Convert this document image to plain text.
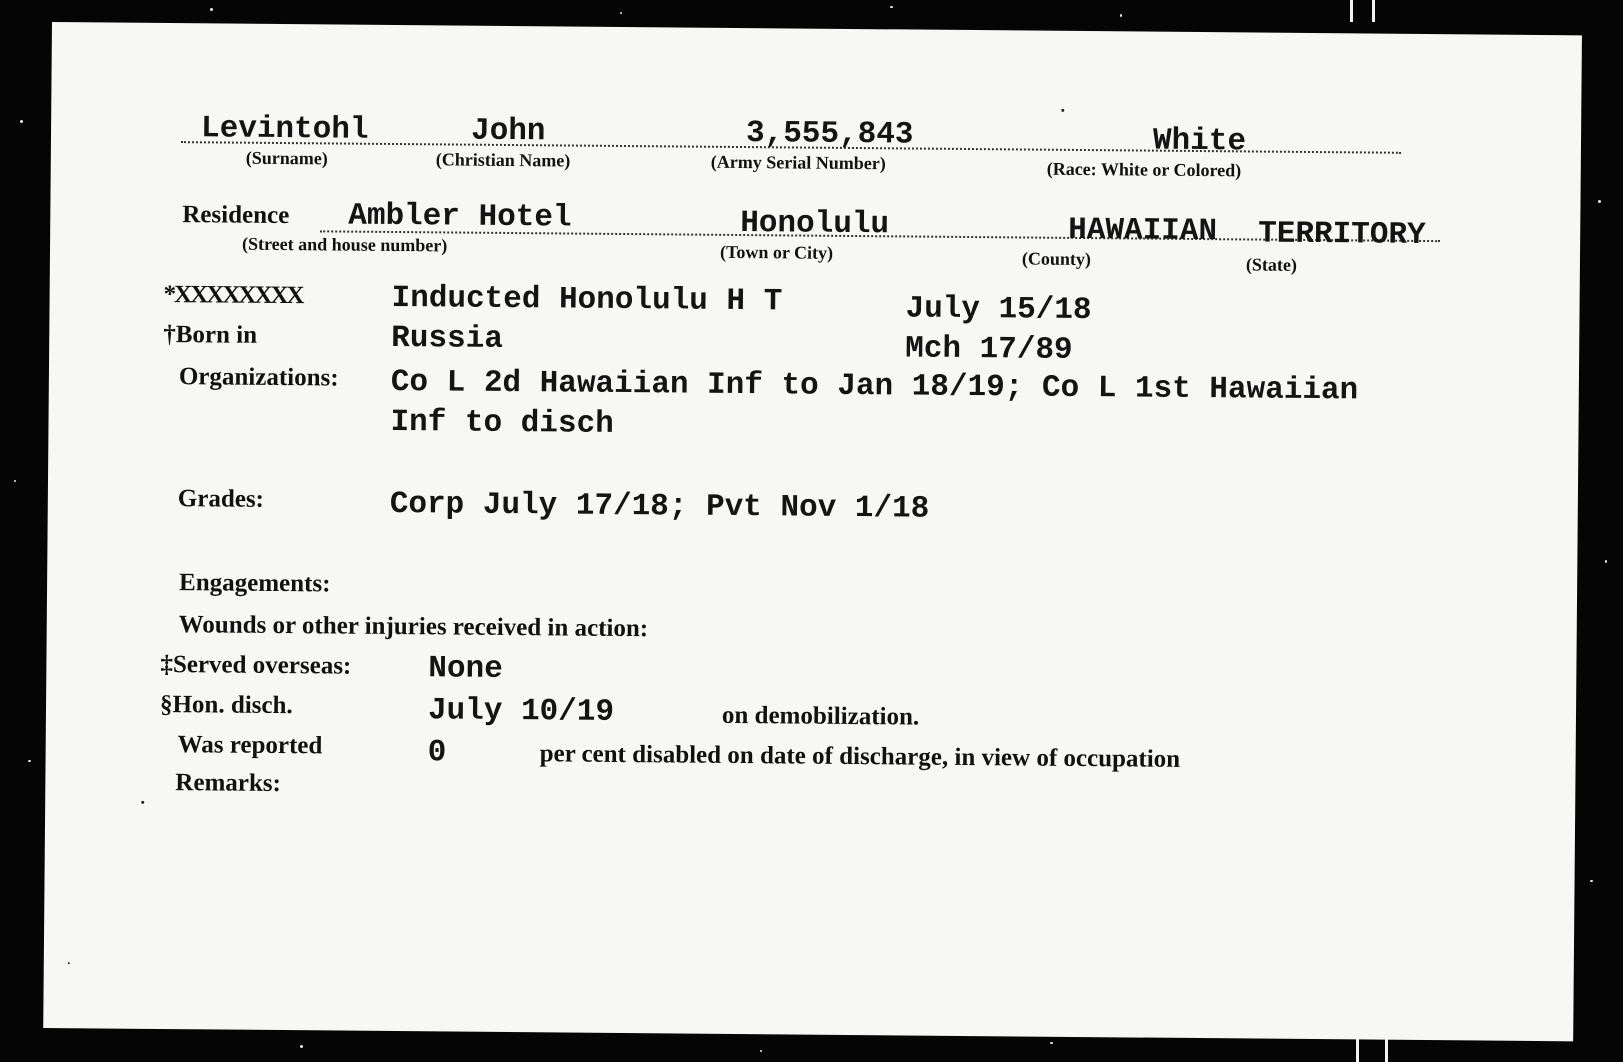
Levintohl
(Surname)
John
(Christian Name)
3,555,843
(Army Serial Number)
White
(Race: White or Colored)
Residence Ambler Hotel
(Street and house number)
Honolulu
(Town or City)
HAWAIIAN
(County)
TERRITORY
(State)
*XXXXXXXX	Inducted Honolulu H T	July 15/18
†Born in	Russia	Mch 17/89
Organizations: Co L 2d Hawaiian Inf to Jan 18/19; Co L 1st Hawaiian
Inf to disch
Grades:	Corp July 17/18; Pvt Nov 1/18
Engagements:
Wounds or other injuries received in action:
‡Served overseas: None
§Hon. disch.	July 10/19	on demobilization.
Was reported	0	per cent disabled on date of discharge, in view of occupation
Remarks:
